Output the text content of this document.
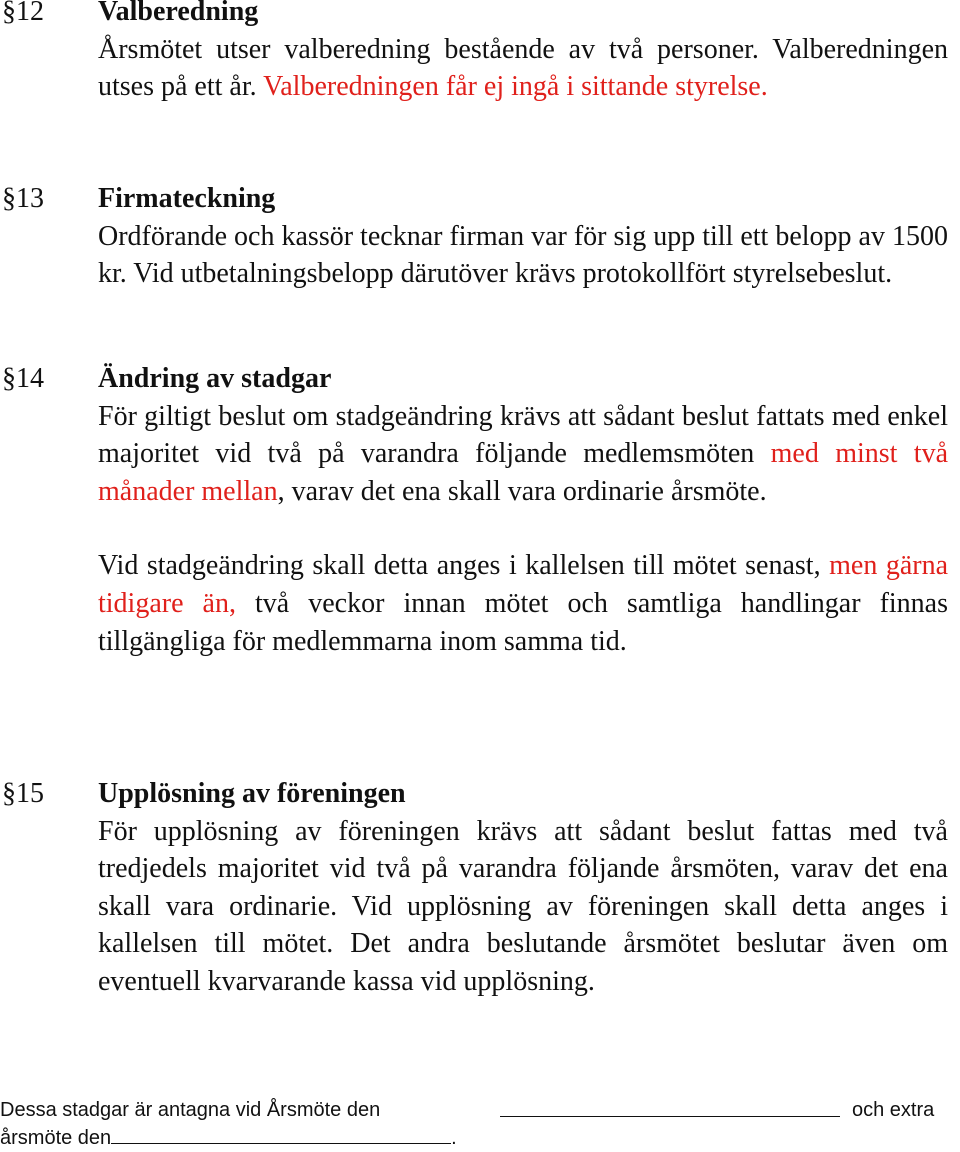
§12 Valberedning
Årsmötet utser valberedning bestående av två personer. Valberedningen utses på ett år. Valberedningen får ej ingå i sittande styrelse.
§13 Firmateckning
Ordförande och kassör tecknar firman var för sig upp till ett belopp av 1500 kr. Vid utbetalningsbelopp därutöver krävs protokollfört styrelsebeslut.
§14 Ändring av stadgar
För giltigt beslut om stadgeändring krävs att sådant beslut fattats med enkel majoritet vid två på varandra följande medlemsmöten med minst två månader mellan, varav det ena skall vara ordinarie årsmöte.
Vid stadgeändring skall detta anges i kallelsen till mötet senast, men gärna tidigare än, två veckor innan mötet och samtliga handlingar finnas tillgängliga för medlemmarna inom samma tid.
§15 Upplösning av föreningen
För upplösning av föreningen krävs att sådant beslut fattas med två tredjedels majoritet vid två på varandra följande årsmöten, varav det ena skall vara ordinarie. Vid upplösning av föreningen skall detta anges i kallelsen till mötet. Det andra beslutande årsmötet beslutar även om eventuell kvarvarande kassa vid upplösning.
Dessa stadgar är antagna vid Årsmöte den	och extra
årsmöte den	.
